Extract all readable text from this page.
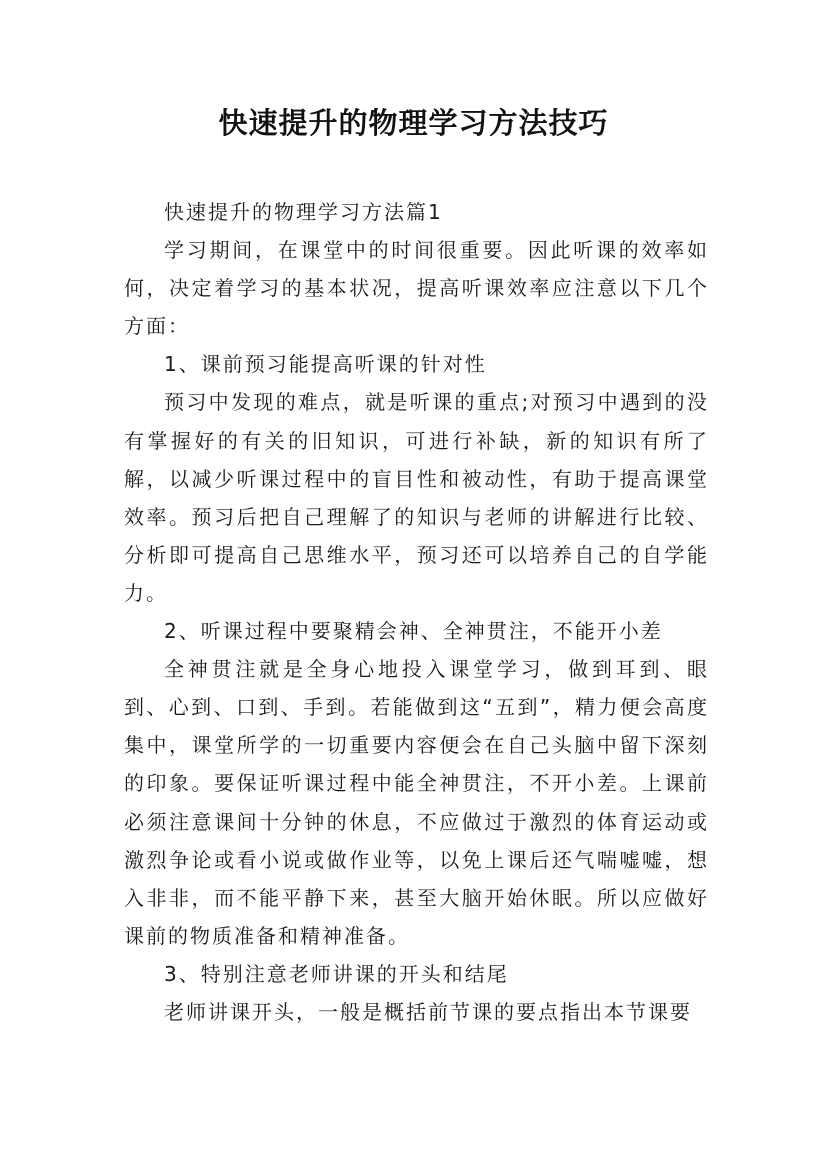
快速提升的物理学习方法技巧

快速提升的物理学习方法篇1

学习期间，在课堂中的时间很重要。因此听课的效率如何，决定着学习的基本状况，提高听课效率应注意以下几个方面：

1、课前预习能提高听课的针对性

预习中发现的难点，就是听课的重点;对预习中遇到的没有掌握好的有关的旧知识，可进行补缺，新的知识有所了解，以减少听课过程中的盲目性和被动性，有助于提高课堂效率。预习后把自己理解了的知识与老师的讲解进行比较、分析即可提高自己思维水平，预习还可以培养自己的自学能力。

2、听课过程中要聚精会神、全神贯注，不能开小差

全神贯注就是全身心地投入课堂学习，做到耳到、眼到、心到、口到、手到。若能做到这“五到”，精力便会高度集中，课堂所学的一切重要内容便会在自己头脑中留下深刻的印象。要保证听课过程中能全神贯注，不开小差。上课前必须注意课间十分钟的休息，不应做过于激烈的体育运动或激烈争论或看小说或做作业等，以免上课后还气喘嘘嘘，想入非非，而不能平静下来，甚至大脑开始休眠。所以应做好课前的物质准备和精神准备。

3、特别注意老师讲课的开头和结尾

老师讲课开头，一般是概括前节课的要点指出本节课要
